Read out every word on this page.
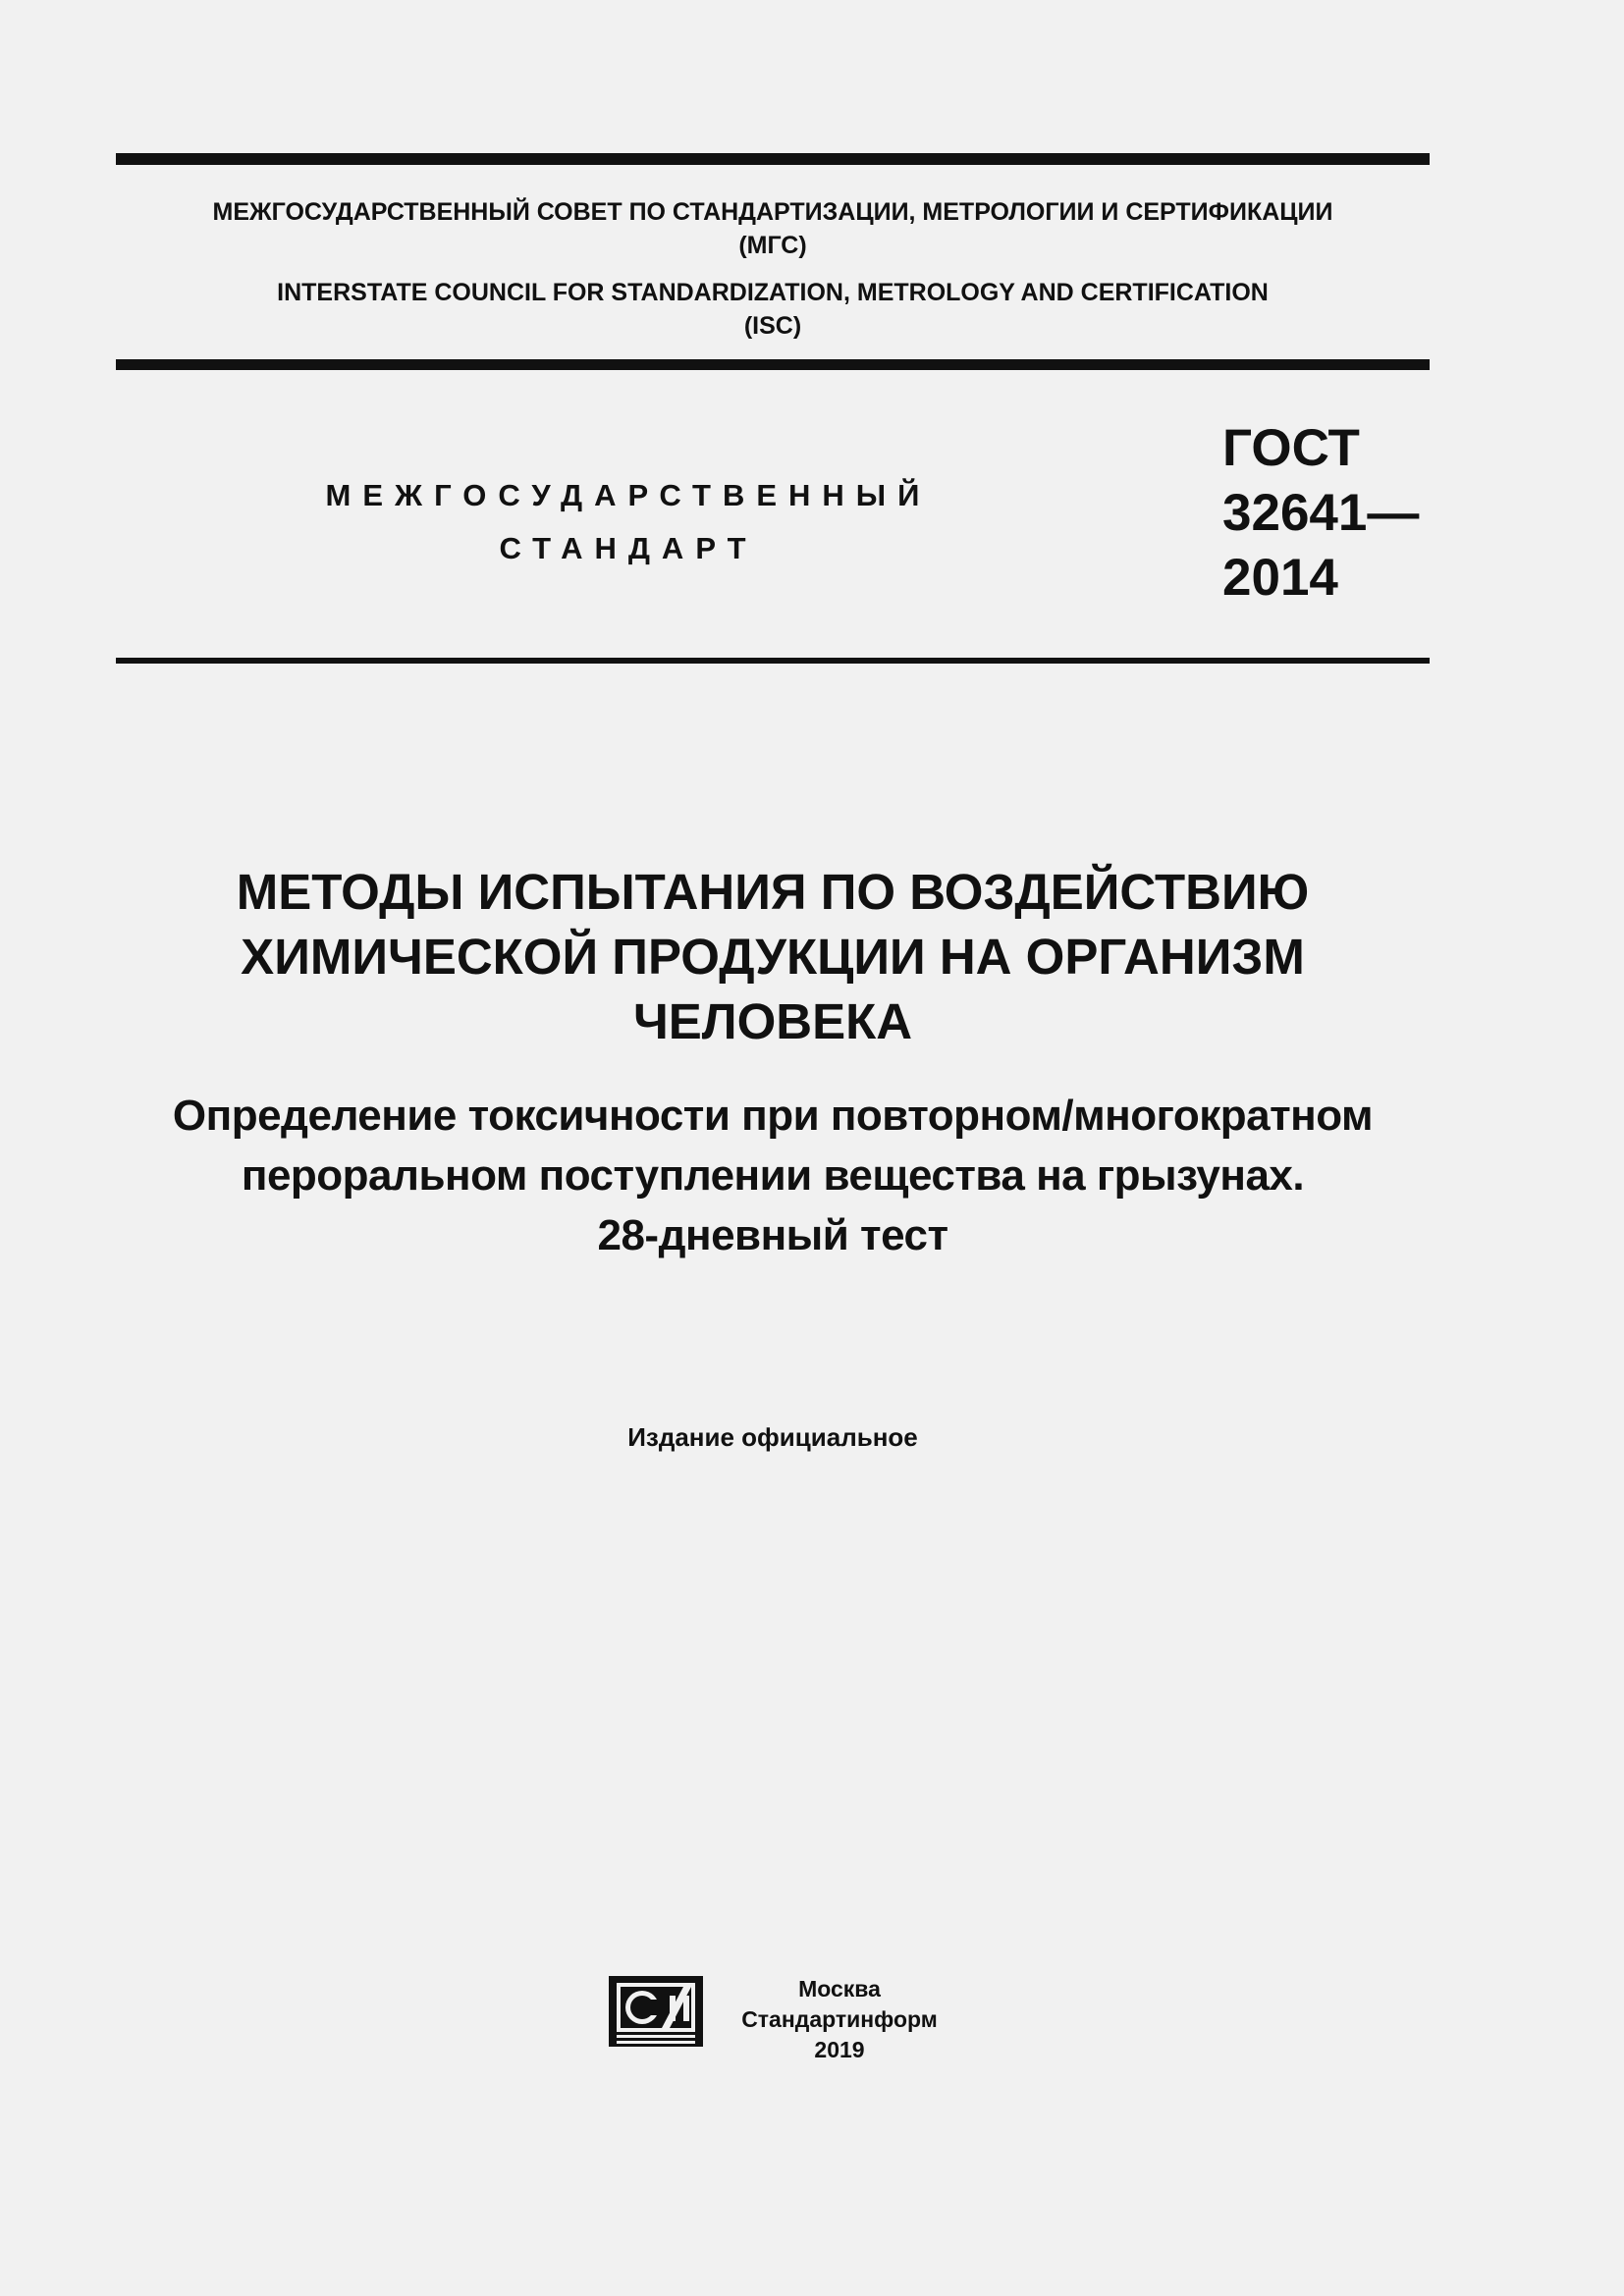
МЕЖГОСУДАРСТВЕННЫЙ СОВЕТ ПО СТАНДАРТИЗАЦИИ, МЕТРОЛОГИИ И СЕРТИФИКАЦИИ
(МГС)

INTERSTATE COUNCIL FOR STANDARDIZATION, METROLOGY AND CERTIFICATION
(ISC)

МЕЖГОСУДАРСТВЕННЫЙ
СТАНДАРТ
ГОСТ
32641—
2014
МЕТОДЫ ИСПЫТАНИЯ ПО ВОЗДЕЙСТВИЮ
ХИМИЧЕСКОЙ ПРОДУКЦИИ НА ОРГАНИЗМ
ЧЕЛОВЕКА
Определение токсичности при повторном/многократном
пероральном поступлении вещества на грызунах.
28-дневный тест
Издание официальное
Москва
Стандартинформ
2019
